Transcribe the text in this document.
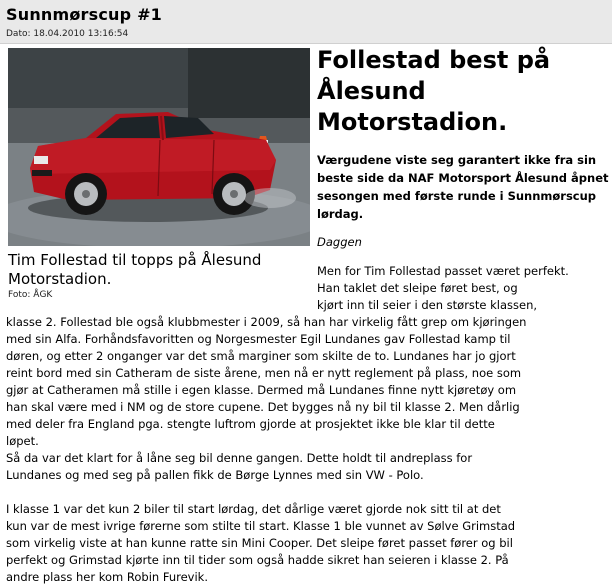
Sunnmørscup #1
Dato: 18.04.2010 13:16:54
Tim Follestad til topps på Ålesund Motorstadion.
Foto: ÅGK
Follestad best på Ålesund Motorstadion.
Værgudene viste seg garantert ikke fra sin beste side da NAF Motorsport Ålesund åpnet sesongen med første runde i Sunnmørscup lørdag.
Daggen
Men for Tim Follestad passet været perfekt.
Han taklet det sleipe føret best, og
kjørt inn til seier i den største klassen,
klasse 2. Follestad ble også klubbmester i 2009, så han har virkelig fått grep om kjøringen
med sin Alfa. Forhåndsfavoritten og Norgesmester Egil Lundanes gav Follestad kamp til
døren, og etter 2 onganger var det små marginer som skilte de to. Lundanes har jo gjort
reint bord med sin Catheram de siste årene, men nå er nytt reglement på plass, noe som
gjør at Catheramen må stille i egen klasse. Dermed må Lundanes finne nytt kjøretøy om
han skal være med i NM og de store cupene. Det bygges nå ny bil til klasse 2. Men dårlig
med deler fra England pga. stengte luftrom gjorde at prosjektet ikke ble klar til dette
løpet.
Så da var det klart for å låne seg bil denne gangen. Dette holdt til andreplass for
Lundanes og med seg på pallen fikk de Børge Lynnes med sin VW - Polo.
I klasse 1 var det kun 2 biler til start lørdag, det dårlige været gjorde nok sitt til at det
kun var de mest ivrige førerne som stilte til start. Klasse 1 ble vunnet av Sølve Grimstad
som virkelig viste at han kunne ratte sin Mini Cooper. Det sleipe føret passet fører og bil
perfekt og Grimstad kjørte inn til tider som også hadde sikret han seieren i klasse 2. På
andre plass her kom Robin Furevik.
